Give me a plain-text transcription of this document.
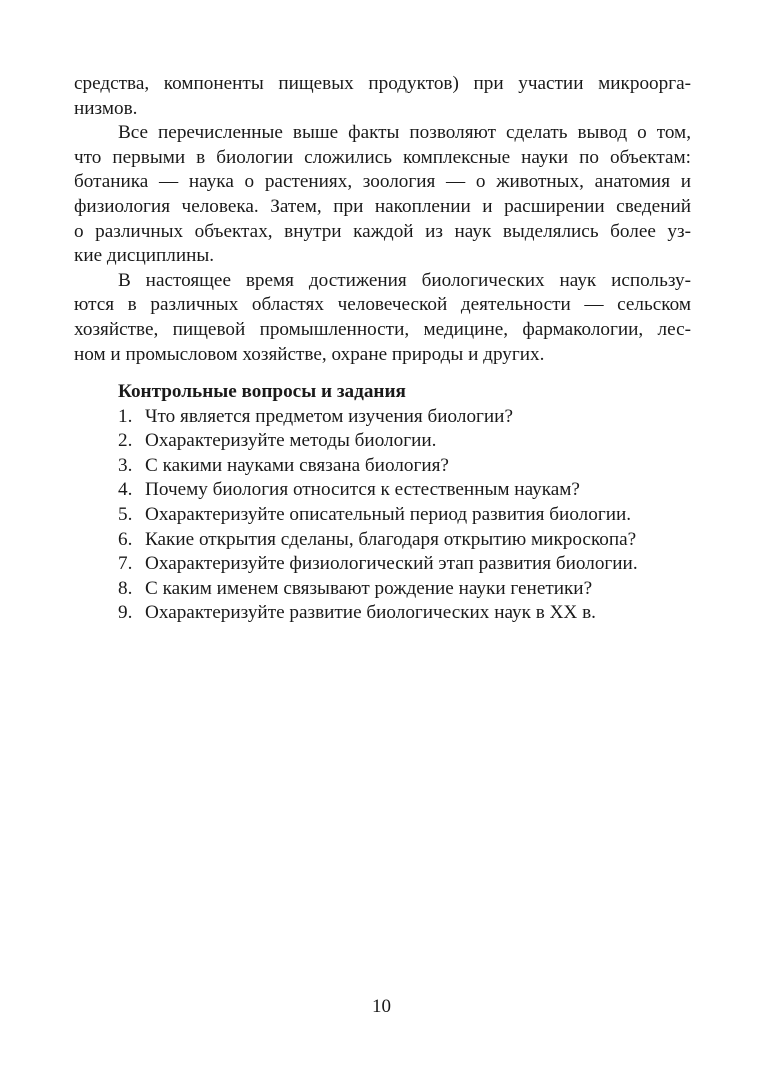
средства, компоненты пищевых продуктов) при участии микроорга-
низмов.

Все перечисленные выше факты позволяют сделать вывод о том,
что первыми в биологии сложились комплексные науки по объектам:
ботаника — наука о растениях, зоология — о животных, анатомия и
физиология человека. Затем, при накоплении и расширении сведений
о различных объектах, внутри каждой из наук выделялись более уз-
кие дисциплины.

В настоящее время достижения биологических наук использу-
ются в различных областях человеческой деятельности — сельском
хозяйстве, пищевой промышленности, медицине, фармакологии, лес-
ном и промысловом хозяйстве, охране природы и других.

Контрольные вопросы и задания

1. Что является предметом изучения биологии?
2. Охарактеризуйте методы биологии.
3. С какими науками связана биология?
4. Почему биология относится к естественным наукам?
5. Охарактеризуйте описательный период развития биологии.
6. Какие открытия сделаны, благодаря открытию микроскопа?
7. Охарактеризуйте физиологический этап развития биологии.
8. С каким именем связывают рождение науки генетики?
9. Охарактеризуйте развитие биологических наук в XX в.
10
